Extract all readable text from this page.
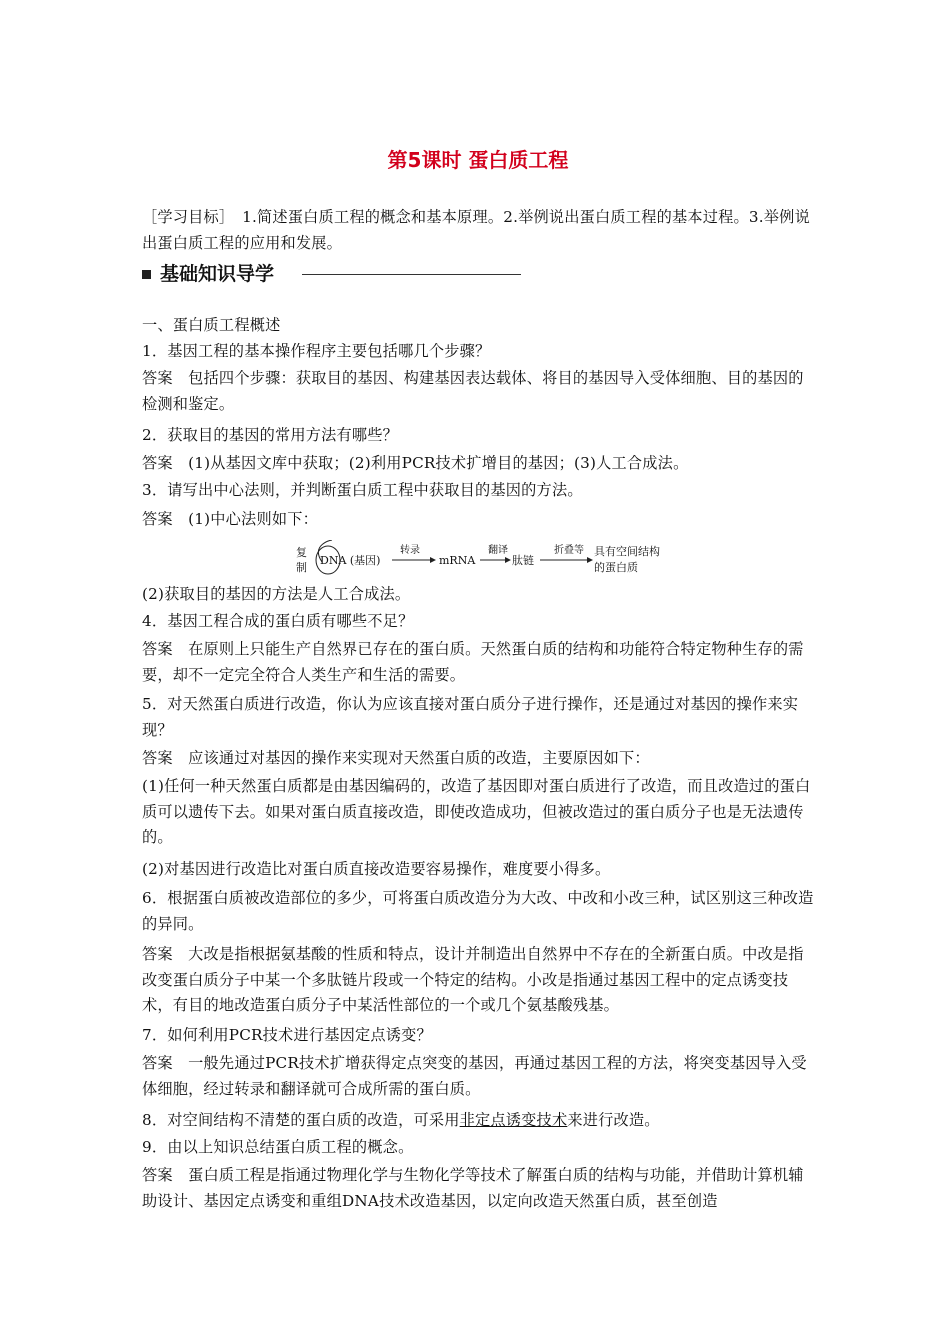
第5课时 蛋白质工程
［学习目标］　1.简述蛋白质工程的概念和基本原理。2.举例说出蛋白质工程的基本过程。3.举例说出蛋白质工程的应用和发展。
基础知识导学
一、蛋白质工程概述
1．基因工程的基本操作程序主要包括哪几个步骤？
答案　包括四个步骤：获取目的基因、构建基因表达载体、将目的基因导入受体细胞、目的基因的检测和鉴定。
2．获取目的基因的常用方法有哪些？
答案　(1)从基因文库中获取；(2)利用PCR技术扩增目的基因；(3)人工合成法。
3．请写出中心法则，并判断蛋白质工程中获取目的基因的方法。
答案　(1)中心法则如下：
复
制
DNA (基因)
转录
mRNA
翻译
肽链
折叠等 具有空间结构
的蛋白质
(2)获取目的基因的方法是人工合成法。
4．基因工程合成的蛋白质有哪些不足？
答案　在原则上只能生产自然界已存在的蛋白质。天然蛋白质的结构和功能符合特定物种生存的需要，却不一定完全符合人类生产和生活的需要。
5．对天然蛋白质进行改造，你认为应该直接对蛋白质分子进行操作，还是通过对基因的操作来实现？
答案　应该通过对基因的操作来实现对天然蛋白质的改造，主要原因如下：
(1)任何一种天然蛋白质都是由基因编码的，改造了基因即对蛋白质进行了改造，而且改造过的蛋白质可以遗传下去。如果对蛋白质直接改造，即使改造成功，但被改造过的蛋白质分子也是无法遗传的。
(2)对基因进行改造比对蛋白质直接改造要容易操作，难度要小得多。
6．根据蛋白质被改造部位的多少，可将蛋白质改造分为大改、中改和小改三种，试区别这三种改造的异同。
答案　大改是指根据氨基酸的性质和特点，设计并制造出自然界中不存在的全新蛋白质。中改是指改变蛋白质分子中某一个多肽链片段或一个特定的结构。小改是指通过基因工程中的定点诱变技术，有目的地改造蛋白质分子中某活性部位的一个或几个氨基酸残基。
7．如何利用PCR技术进行基因定点诱变？
答案　一般先通过PCR技术扩增获得定点突变的基因，再通过基因工程的方法，将突变基因导入受体细胞，经过转录和翻译就可合成所需的蛋白质。
8．对空间结构不清楚的蛋白质的改造，可采用非定点诱变技术来进行改造。
9．由以上知识总结蛋白质工程的概念。
答案　蛋白质工程是指通过物理化学与生物化学等技术了解蛋白质的结构与功能，并借助计算机辅助设计、基因定点诱变和重组DNA技术改造基因，以定向改造天然蛋白质，甚至创造
